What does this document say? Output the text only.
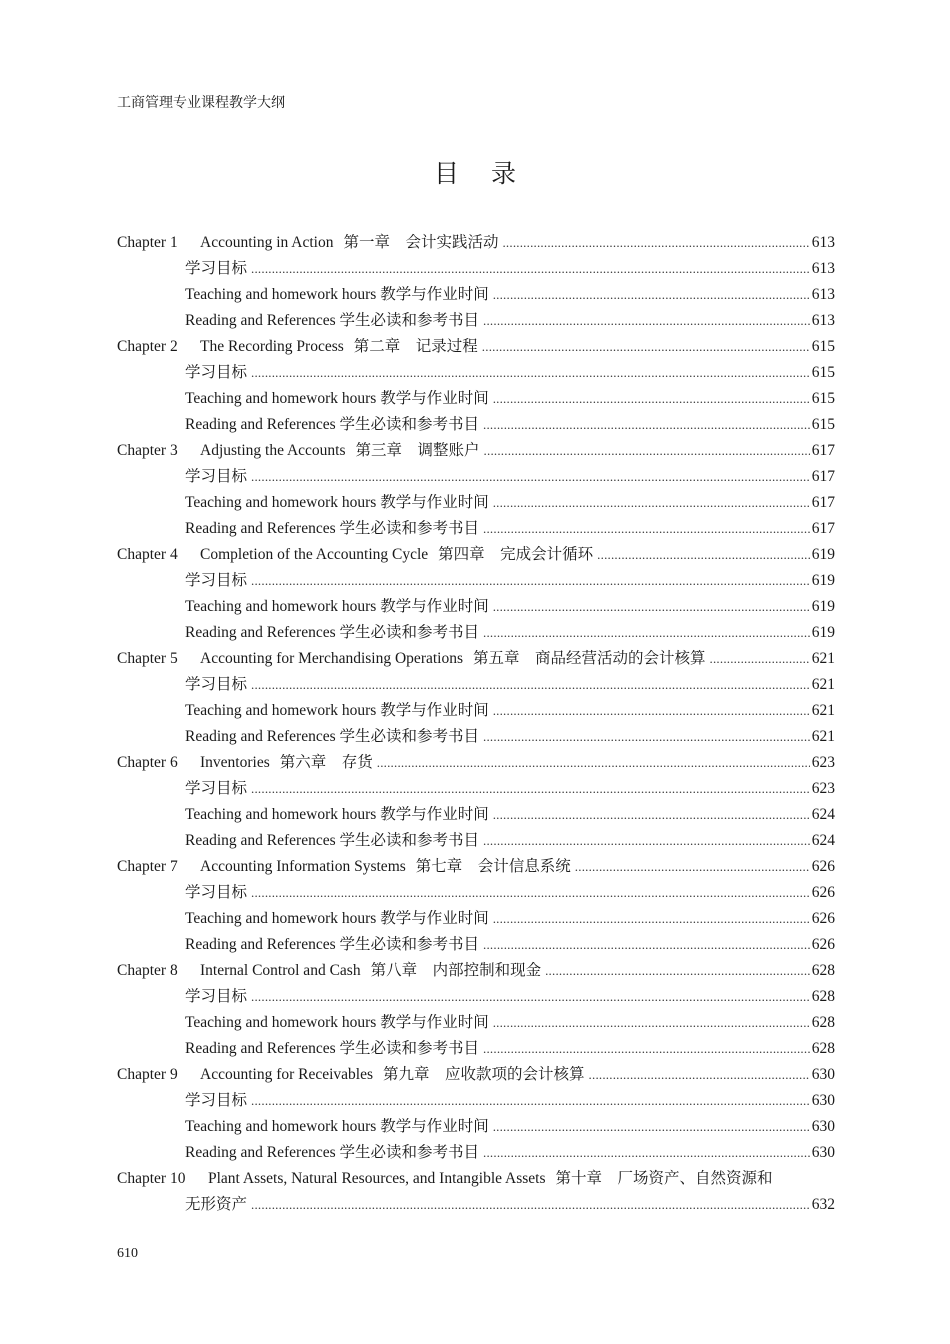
工商管理专业课程教学大纲
目录
Chapter 1 Accounting in Action 第一章　会计实践活动 .....	613
学习目标 .....	613
Teaching and homework hours 教学与作业时间 .....	613
Reading and References 学生必读和参考书目 .....	613
Chapter 2 The Recording Process 第二章　记录过程 .....	615
学习目标 .....	615
Teaching and homework hours 教学与作业时间 .....	615
Reading and References 学生必读和参考书目 .....	615
Chapter 3 Adjusting the Accounts 第三章　调整账户 .....	617
学习目标 .....	617
Teaching and homework hours 教学与作业时间 .....	617
Reading and References 学生必读和参考书目 .....	617
Chapter 4 Completion of the Accounting Cycle 第四章　完成会计循环 .....	619
学习目标 .....	619
Teaching and homework hours 教学与作业时间 .....	619
Reading and References 学生必读和参考书目 .....	619
Chapter 5 Accounting for Merchandising Operations 第五章　商品经营活动的会计核算 .....	621
学习目标 .....	621
Teaching and homework hours 教学与作业时间 .....	621
Reading and References 学生必读和参考书目 .....	621
Chapter 6 Inventories 第六章　存货 .....	623
学习目标 .....	623
Teaching and homework hours 教学与作业时间 .....	624
Reading and References 学生必读和参考书目 .....	624
Chapter 7 Accounting Information Systems 第七章　会计信息系统 .....	626
学习目标 .....	626
Teaching and homework hours 教学与作业时间 .....	626
Reading and References 学生必读和参考书目 .....	626
Chapter 8 Internal Control and Cash 第八章　内部控制和现金 .....	628
学习目标 .....	628
Teaching and homework hours 教学与作业时间 .....	628
Reading and References 学生必读和参考书目 .....	628
Chapter 9 Accounting for Receivables 第九章　应收款项的会计核算 .....	630
学习目标 .....	630
Teaching and homework hours 教学与作业时间 .....	630
Reading and References 学生必读和参考书目 .....	630
Chapter 10 Plant Assets, Natural Resources, and Intangible Assets 第十章　厂场资产、自然资源和
无形资产 .....	632
610
